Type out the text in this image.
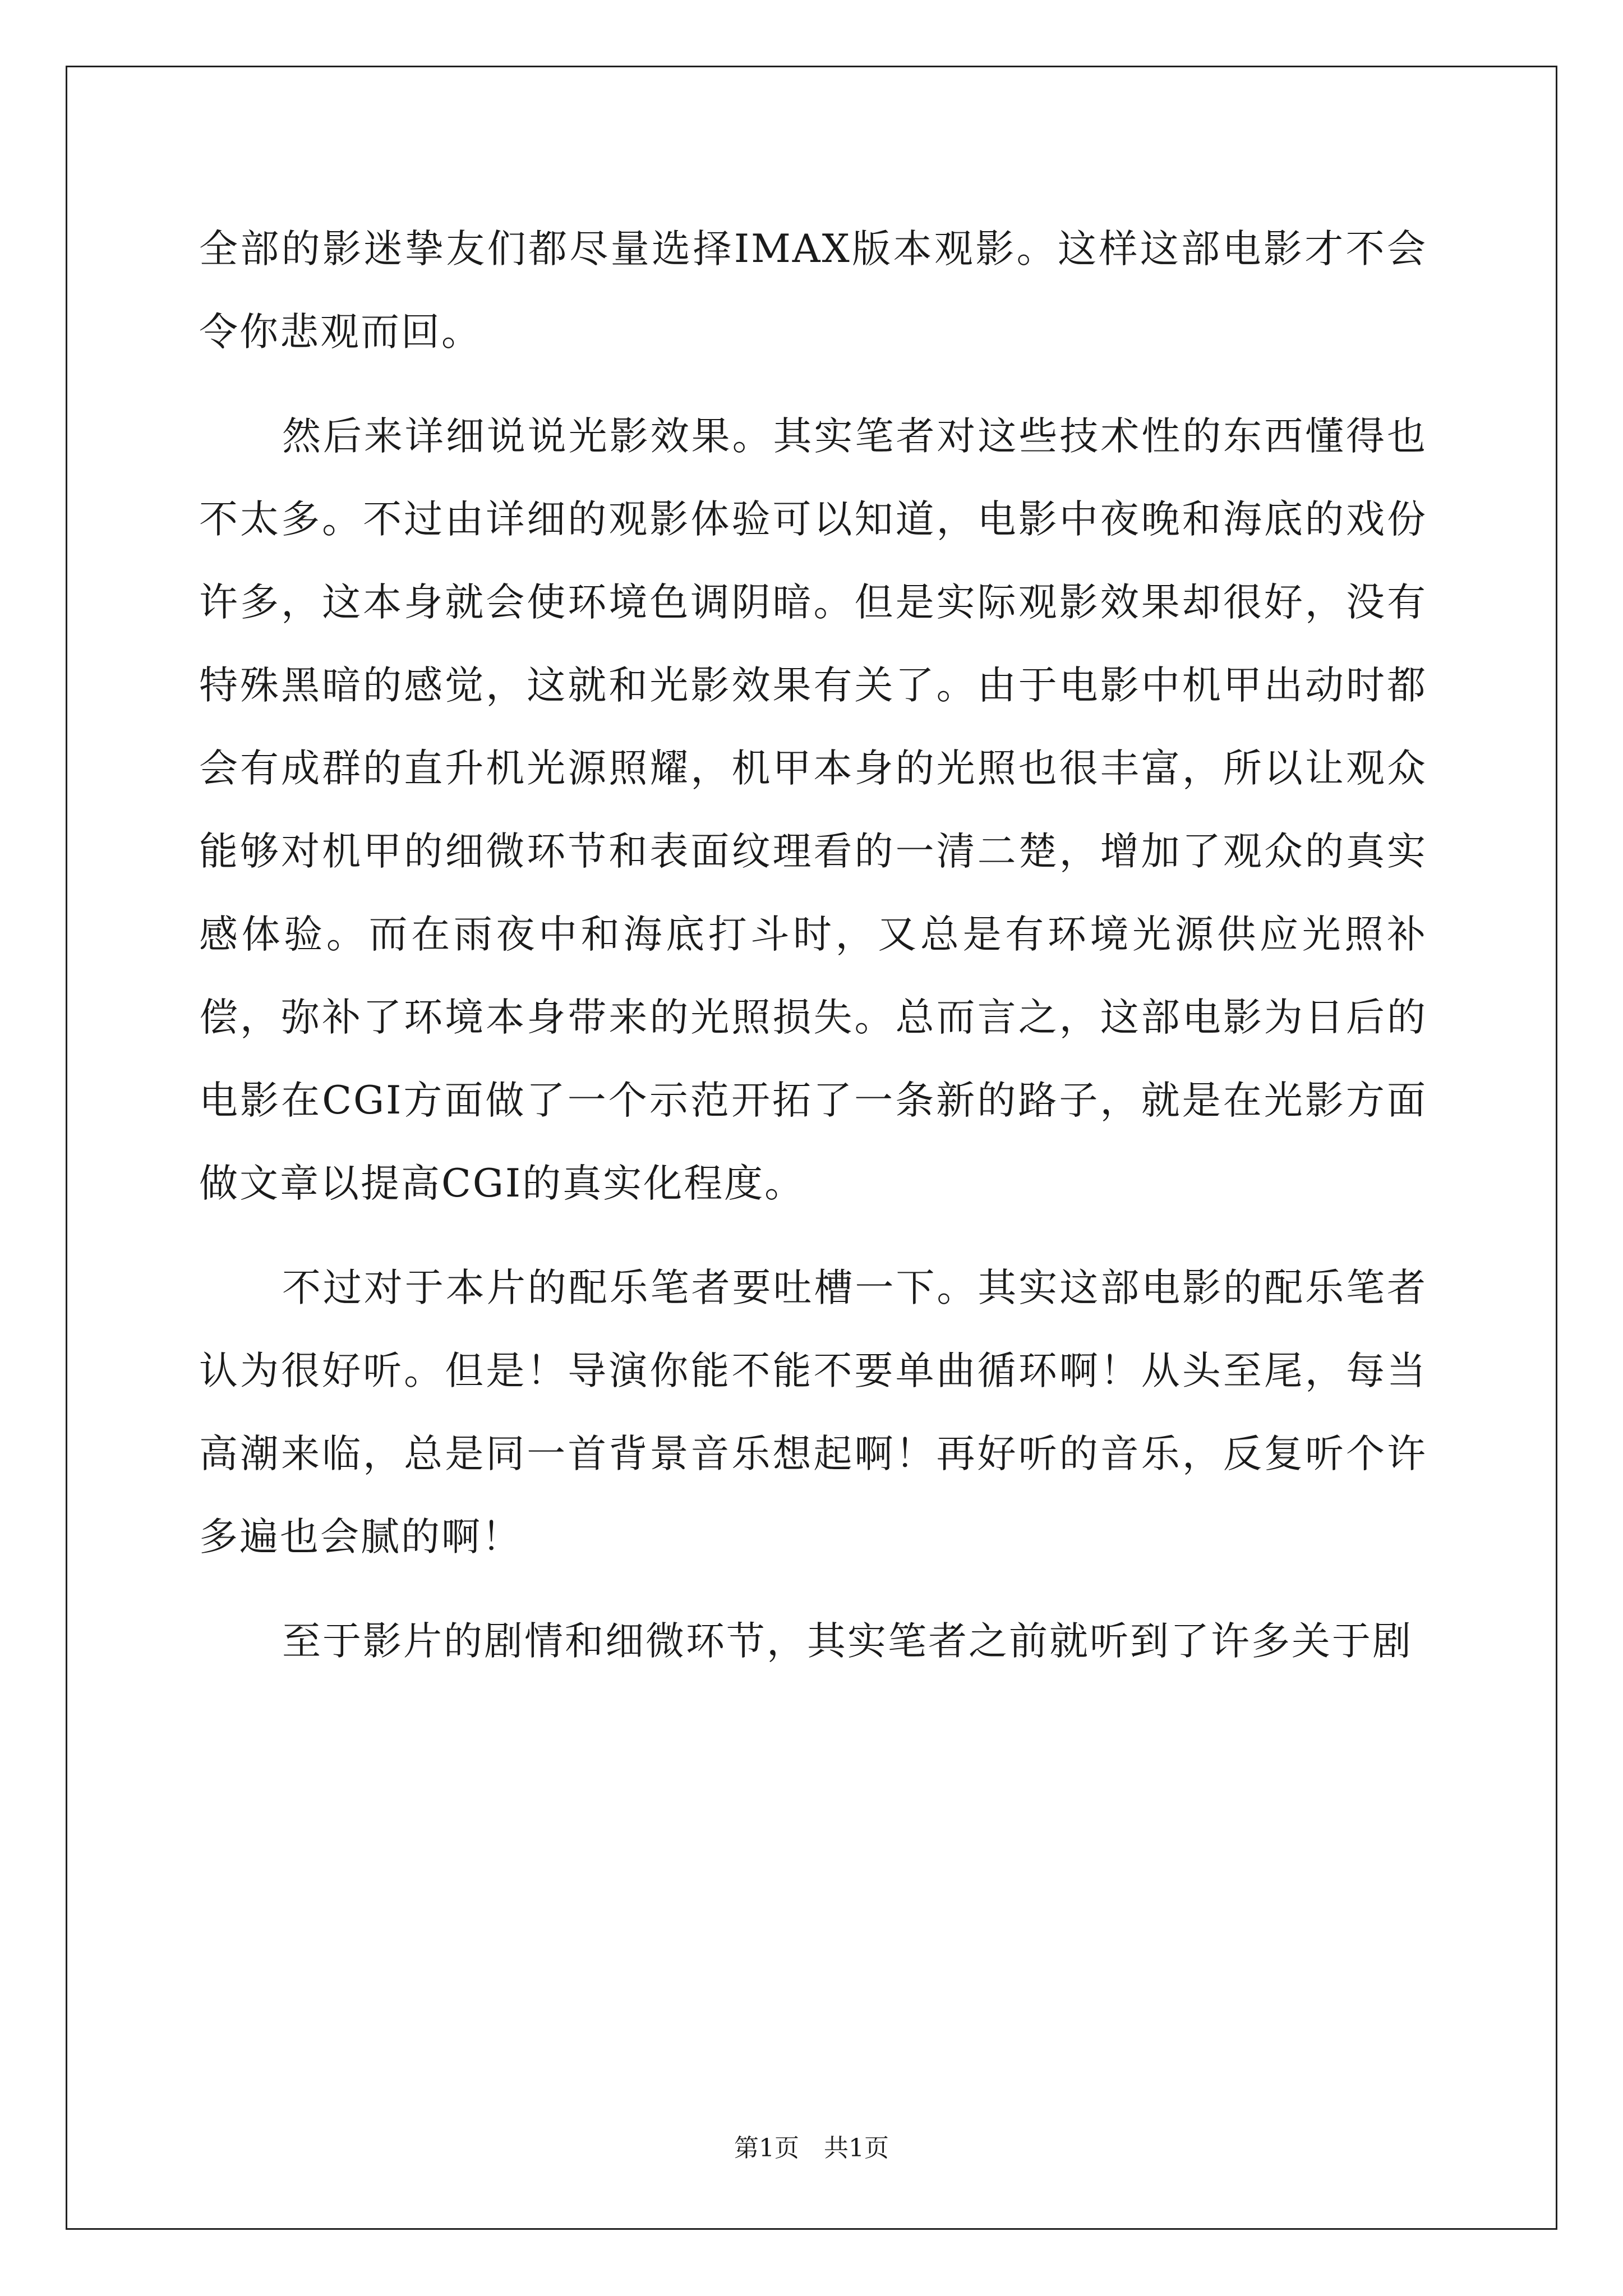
全部的影迷挚友们都尽量选择IMAX版本观影。这样这部电影才不会令你悲观而回。

然后来详细说说光影效果。其实笔者对这些技术性的东西懂得也不太多。不过由详细的观影体验可以知道，电影中夜晚和海底的戏份许多，这本身就会使环境色调阴暗。但是实际观影效果却很好，没有特殊黑暗的感觉，这就和光影效果有关了。由于电影中机甲出动时都会有成群的直升机光源照耀，机甲本身的光照也很丰富，所以让观众能够对机甲的细微环节和表面纹理看的一清二楚，增加了观众的真实感体验。而在雨夜中和海底打斗时，又总是有环境光源供应光照补偿，弥补了环境本身带来的光照损失。总而言之，这部电影为日后的电影在CGI方面做了一个示范开拓了一条新的路子，就是在光影方面做文章以提高CGI的真实化程度。

不过对于本片的配乐笔者要吐槽一下。其实这部电影的配乐笔者认为很好听。但是！导演你能不能不要单曲循环啊！从头至尾，每当高潮来临，总是同一首背景音乐想起啊！再好听的音乐，反复听个许多遍也会腻的啊！

至于影片的剧情和细微环节，其实笔者之前就听到了许多关于剧

第1页　共1页
